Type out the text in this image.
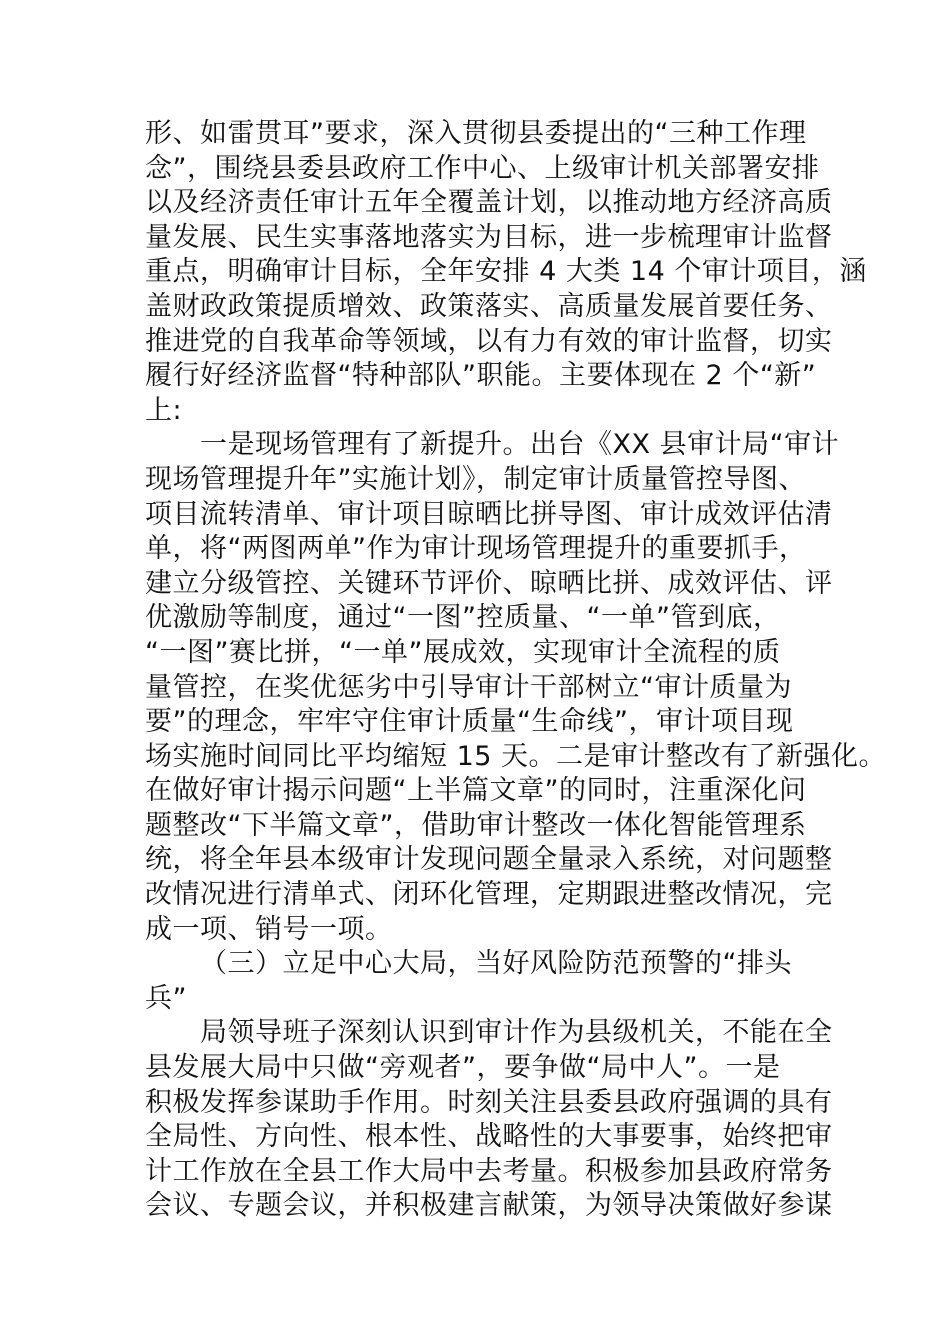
形、如雷贯耳”要求，深入贯彻县委提出的“三种工作理
念”，围绕县委县政府工作中心、上级审计机关部署安排
以及经济责任审计五年全覆盖计划，以推动地方经济高质
量发展、民生实事落地落实为目标，进一步梳理审计监督
重点，明确审计目标，全年安排 4 大类 14 个审计项目，涵
盖财政政策提质增效、政策落实、高质量发展首要任务、
推进党的自我革命等领域，以有力有效的审计监督，切实
履行好经济监督“特种部队”职能。主要体现在 2 个“新”
上:
一是现场管理有了新提升。出台《XX 县审计局“审计
现场管理提升年”实施计划》，制定审计质量管控导图、
项目流转清单、审计项目晾晒比拼导图、审计成效评估清
单，将“两图两单”作为审计现场管理提升的重要抓手，
建立分级管控、关键环节评价、晾晒比拼、成效评估、评
优激励等制度，通过“一图”控质量、“一单”管到底，
“一图”赛比拼，“一单”展成效，实现审计全流程的质
量管控，在奖优惩劣中引导审计干部树立“审计质量为
要”的理念，牢牢守住审计质量“生命线”，审计项目现
场实施时间同比平均缩短 15 天。二是审计整改有了新强化。
在做好审计揭示问题“上半篇文章”的同时，注重深化问
题整改“下半篇文章”，借助审计整改一体化智能管理系
统，将全年县本级审计发现问题全量录入系统，对问题整
改情况进行清单式、闭环化管理，定期跟进整改情况，完
成一项、销号一项。
（三）立足中心大局，当好风险防范预警的“排头
兵”
局领导班子深刻认识到审计作为县级机关，不能在全
县发展大局中只做“旁观者”，要争做“局中人”。一是
积极发挥参谋助手作用。时刻关注县委县政府强调的具有
全局性、方向性、根本性、战略性的大事要事，始终把审
计工作放在全县工作大局中去考量。积极参加县政府常务
会议、专题会议，并积极建言献策，为领导决策做好参谋
